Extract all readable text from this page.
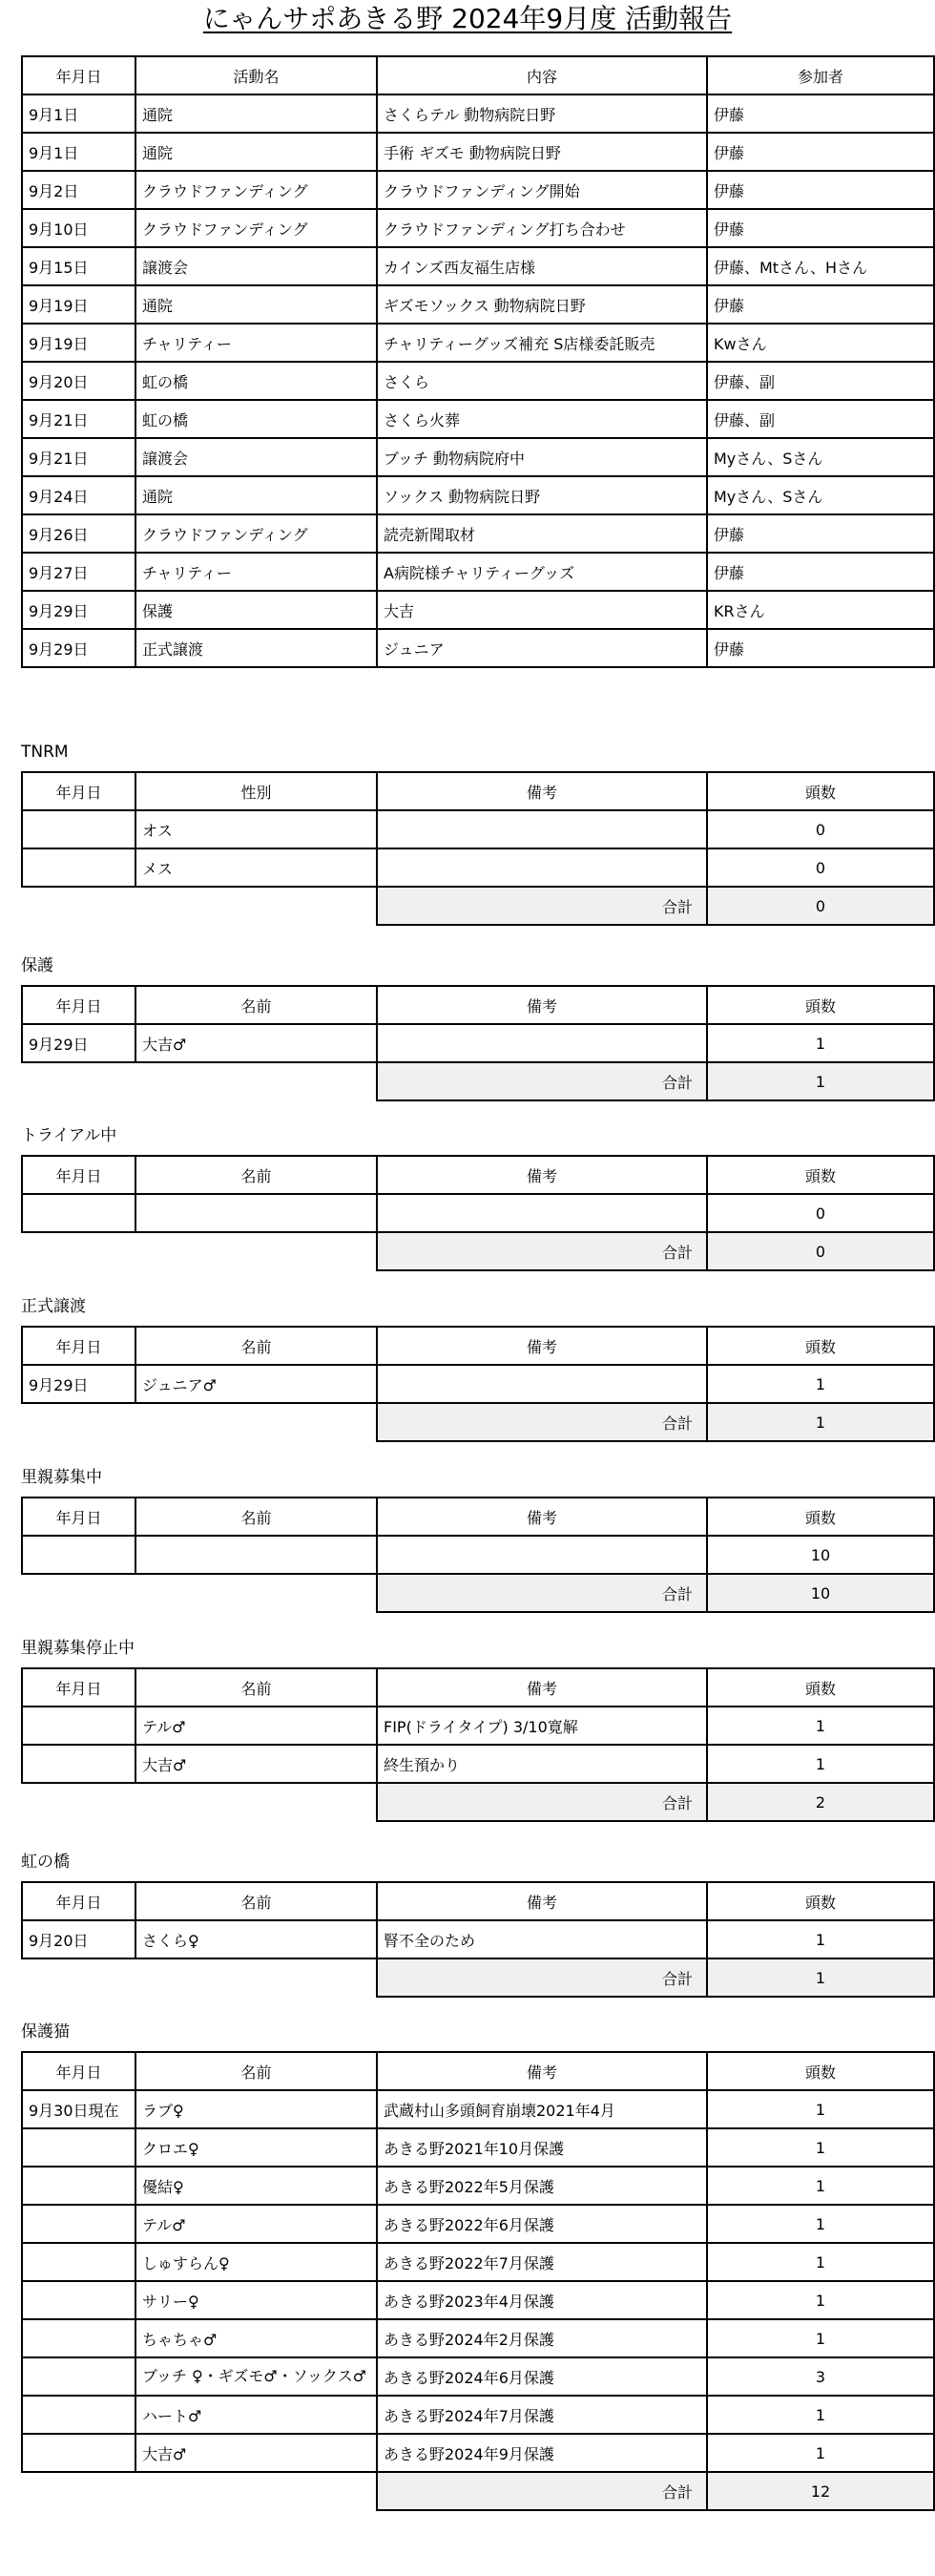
にゃんサポあきる野 2024年9月度 活動報告
年月日	活動名	内容	参加者
9月1日	通院	さくらテル 動物病院日野	伊藤
9月1日	通院	手術 ギズモ 動物病院日野	伊藤
9月2日	クラウドファンディング	クラウドファンディング開始	伊藤
9月10日	クラウドファンディング	クラウドファンディング打ち合わせ	伊藤
9月15日	譲渡会	カインズ西友福生店様	伊藤、Mtさん、Hさん
9月19日	通院	ギズモソックス 動物病院日野	伊藤
9月19日	チャリティー	チャリティーグッズ補充 S店様委託販売	Kwさん
9月20日	虹の橋	さくら	伊藤、副
9月21日	虹の橋	さくら火葬	伊藤、副
9月21日	譲渡会	ブッチ 動物病院府中	Myさん、Sさん
9月24日	通院	ソックス 動物病院日野	Myさん、Sさん
9月26日	クラウドファンディング	読売新聞取材	伊藤
9月27日	チャリティー	A病院様チャリティーグッズ	伊藤
9月29日	保護	大吉	KRさん
9月29日	正式譲渡	ジュニア	伊藤
TNRM
年月日	性別	備考	頭数
	オス		0
	メス		0
		合計	0
保護
年月日	名前	備考	頭数
9月29日	大吉♂		1
		合計	1
トライアル中
年月日	名前	備考	頭数
			0
		合計	0
正式譲渡
年月日	名前	備考	頭数
9月29日	ジュニア♂		1
		合計	1
里親募集中
年月日	名前	備考	頭数
			10
		合計	10
里親募集停止中
年月日	名前	備考	頭数
	テル♂	FIP(ドライタイプ) 3/10寛解	1
	大吉♂	終生預かり	1
		合計	2
虹の橋
年月日	名前	備考	頭数
9月20日	さくら♀	腎不全のため	1
		合計	1
保護猫
年月日	名前	備考	頭数
9月30日現在	ラブ♀	武蔵村山多頭飼育崩壊2021年4月	1
	クロエ♀	あきる野2021年10月保護	1
	優結♀	あきる野2022年5月保護	1
	テル♂	あきる野2022年6月保護	1
	しゅすらん♀	あきる野2022年7月保護	1
	サリー♀	あきる野2023年4月保護	1
	ちゃちゃ♂	あきる野2024年2月保護	1
	ブッチ ♀・ギズモ♂・ソックス♂	あきる野2024年6月保護	3
	ハート♂	あきる野2024年7月保護	1
	大吉♂	あきる野2024年9月保護	1
		合計	12
